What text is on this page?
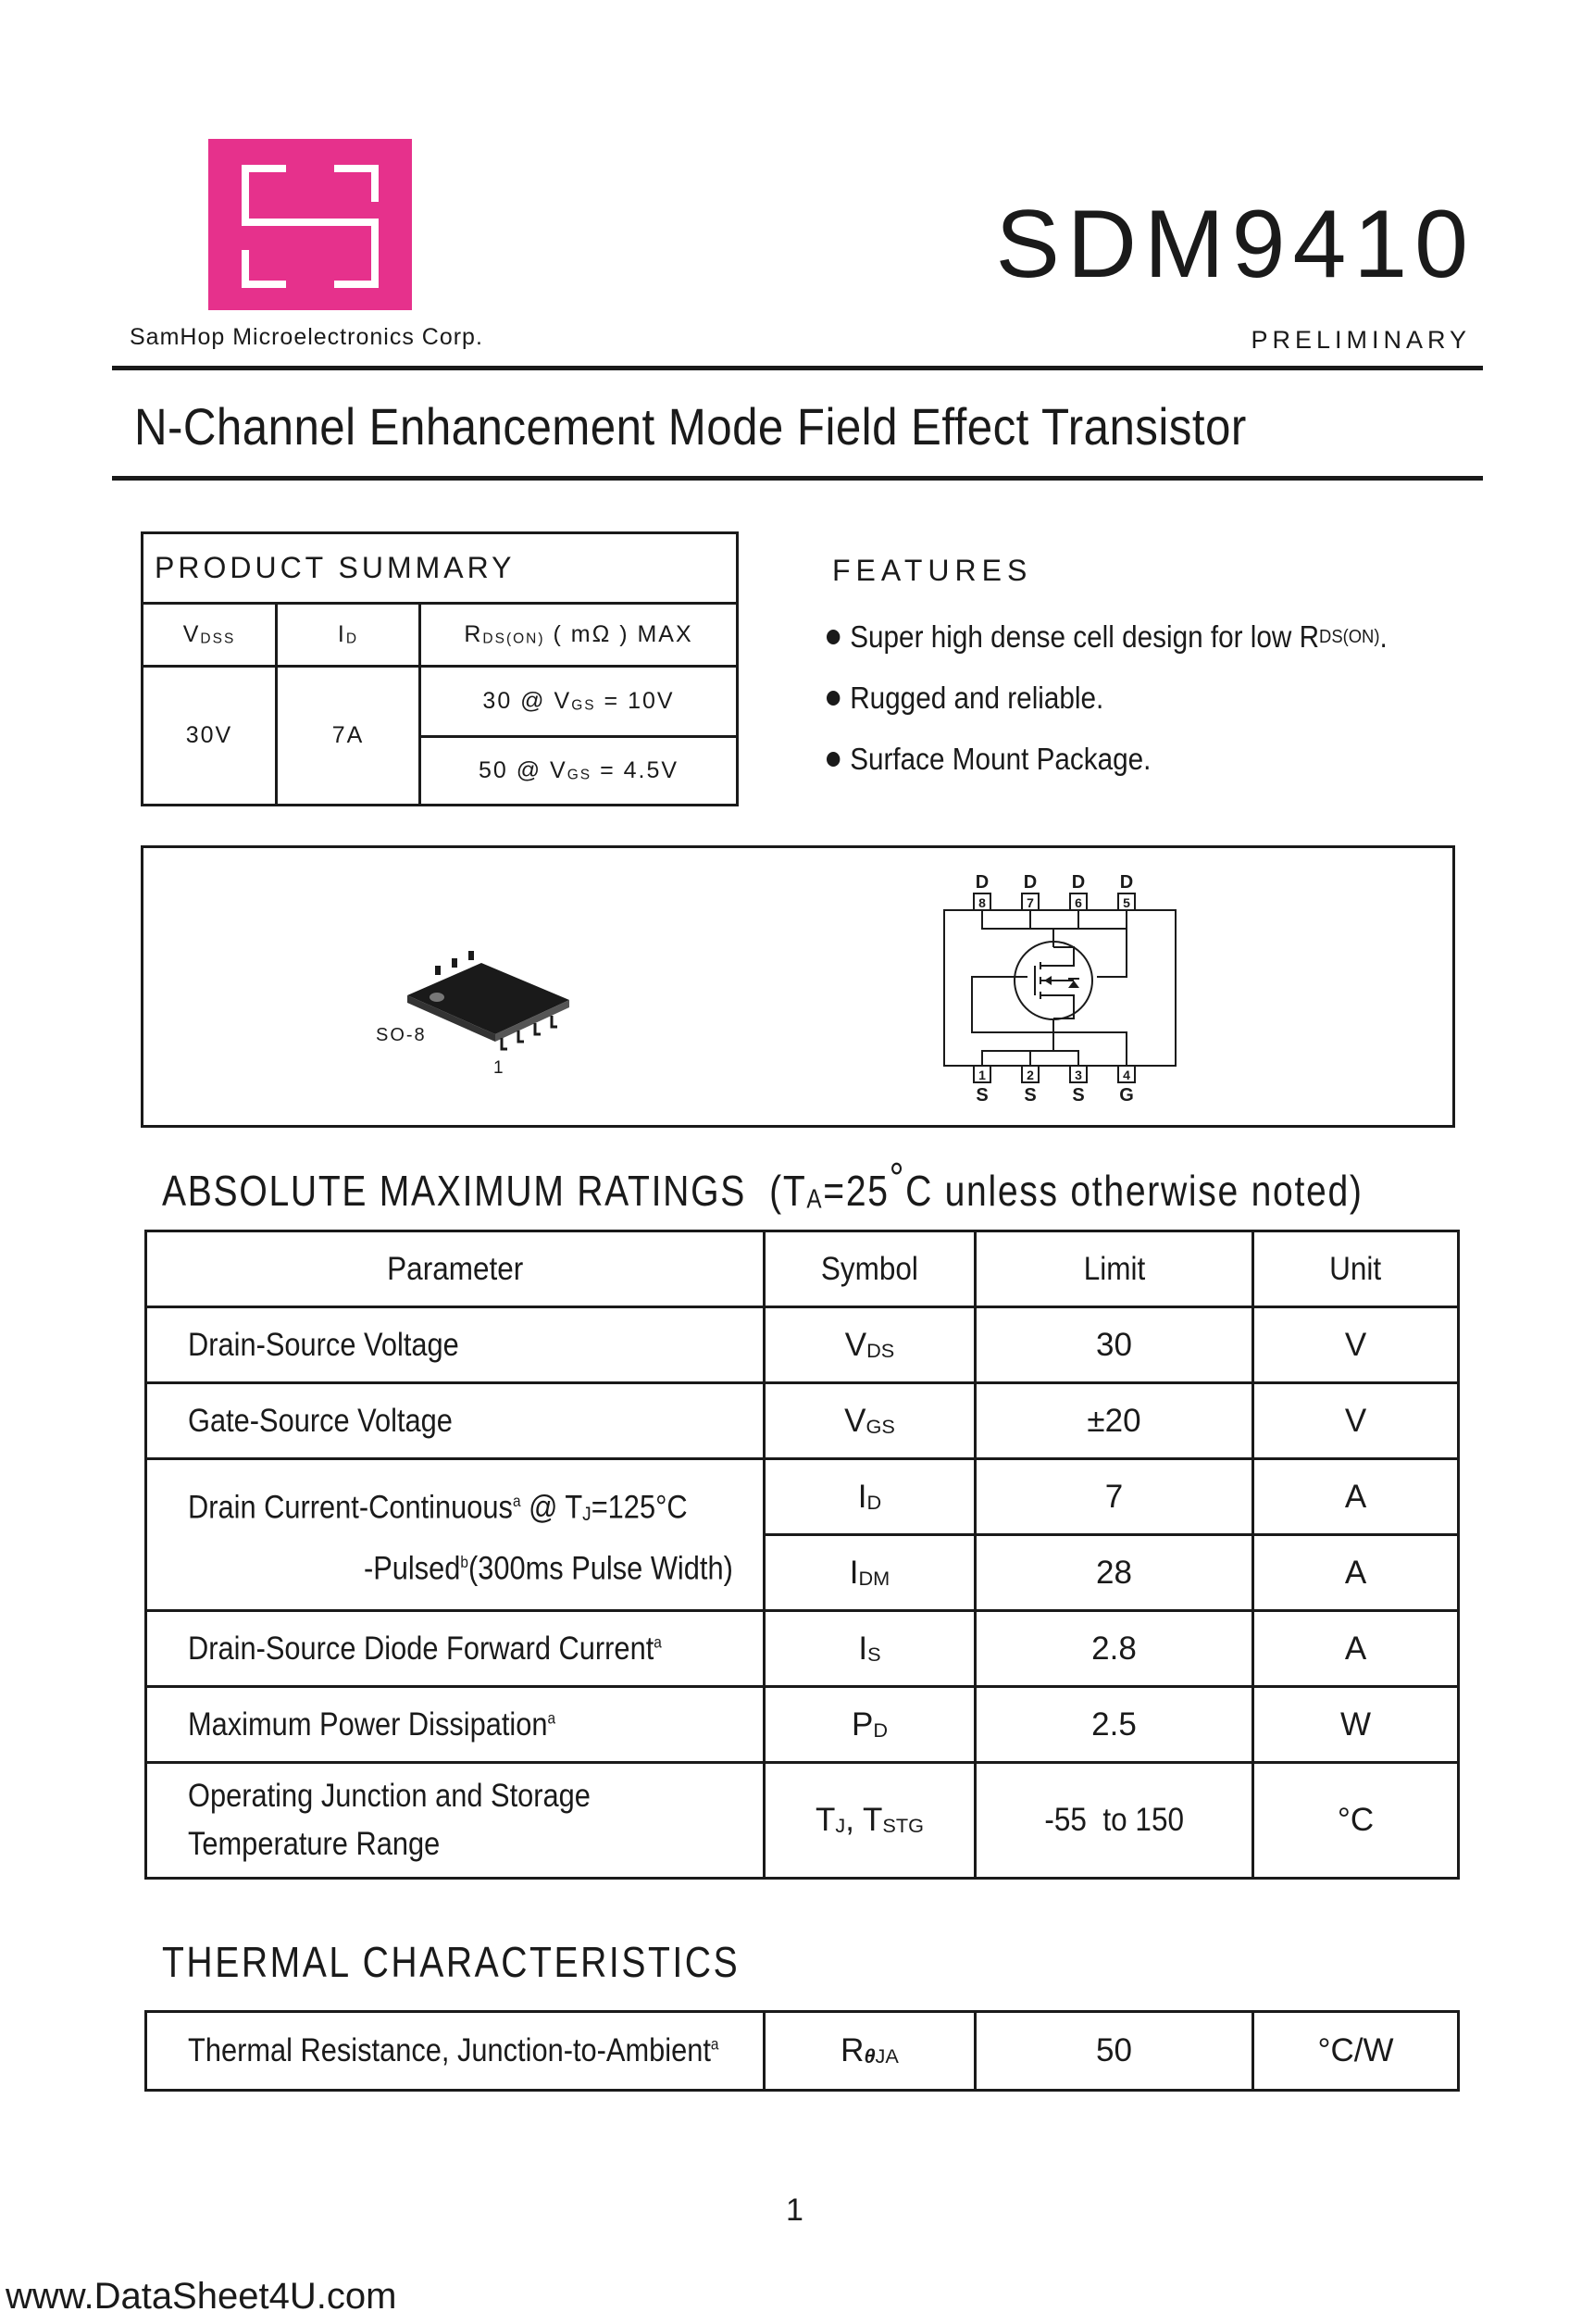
SamHop Microelectronics Corp.
SDM9410
PRELIMINARY
N-Channel Enhancement Mode Field Effect Transistor
PRODUCT SUMMARY		
$V_{DSS}$	$I_D$	$R_{DS(ON)}$ ( mΩ ) MAX
30V	7A	30 @ $V_{GS} = 10V$
		50 @ $V_{GS} = 4.5V$
FEATURES
Super high dense cell design for low R DS(ON) .
Rugged and reliable.
Surface Mount Package.
SO-8
1
D D D D
8	7	6	5
1	2	3	4
S S S G
ABSOLUTE MAXIMUM RATINGS ($T_A=25^\circ C$ unless otherwise noted)
Parameter	Symbol	Limit	Unit
Drain-Source Voltage	$V_{DS}$	30	V
Gate-Source Voltage	$V_{GS}$	±20	V
Drain Current-Continuous$^a$ @ $T_J=125^\circ C$
-Pulsed$^b$(300ms Pulse Width)	$I_D$	7	A
	$I_{DM}$	28	A
Drain-Source Diode Forward Current$^a$	$I_S$	2.8	A
Maximum Power Dissipation$^a$	$P_D$	2.5	W
Operating Junction and Storage
Temperature Range	$T_J$, $T_{STG}$	-55  to 150	°C
THERMAL CHARACTERISTICS
Thermal Resistance, Junction-to-Ambient$^a$	$R_{\theta JA}$	50	°C/W
1
www.DataSheet4U.com
